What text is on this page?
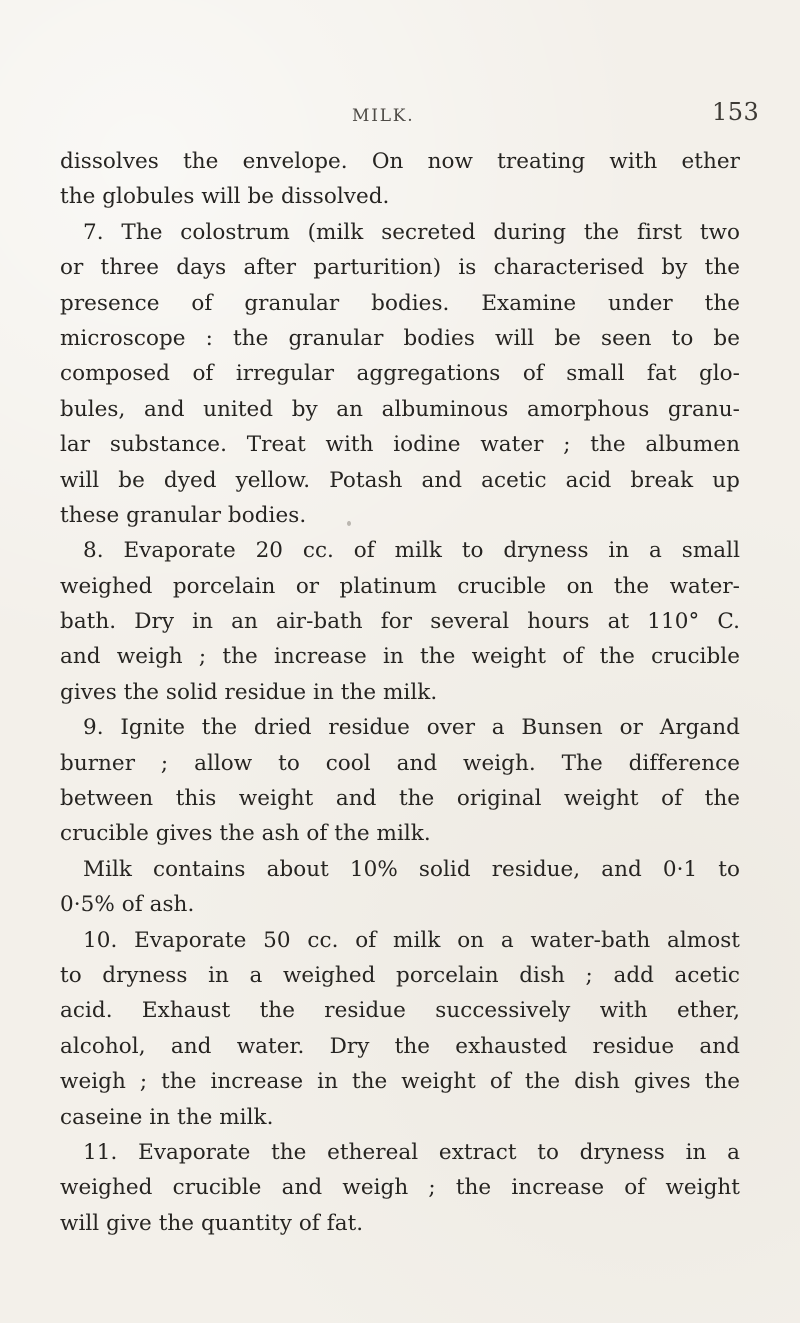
MILK.	153
dissolves the envelope. On now treating with ether
the globules will be dissolved.
7. The colostrum (milk secreted during the first two
or three days after parturition) is characterised by the
presence of granular bodies. Examine under the
microscope : the granular bodies will be seen to be
composed of irregular aggregations of small fat glo-
bules, and united by an albuminous amorphous granu-
lar substance. Treat with iodine water ; the albumen
will be dyed yellow. Potash and acetic acid break up
these granular bodies.
8. Evaporate 20 cc. of milk to dryness in a small
weighed porcelain or platinum crucible on the water-
bath. Dry in an air-bath for several hours at 110° C.
and weigh ; the increase in the weight of the crucible
gives the solid residue in the milk.
9. Ignite the dried residue over a Bunsen or Argand
burner ; allow to cool and weigh. The difference
between this weight and the original weight of the
crucible gives the ash of the milk.
Milk contains about 10% solid residue, and 0·1 to
0·5% of ash.
10. Evaporate 50 cc. of milk on a water-bath almost
to dryness in a weighed porcelain dish ; add acetic
acid. Exhaust the residue successively with ether,
alcohol, and water. Dry the exhausted residue and
weigh ; the increase in the weight of the dish gives the
caseine in the milk.
11. Evaporate the ethereal extract to dryness in a
weighed crucible and weigh ; the increase of weight
will give the quantity of fat.
